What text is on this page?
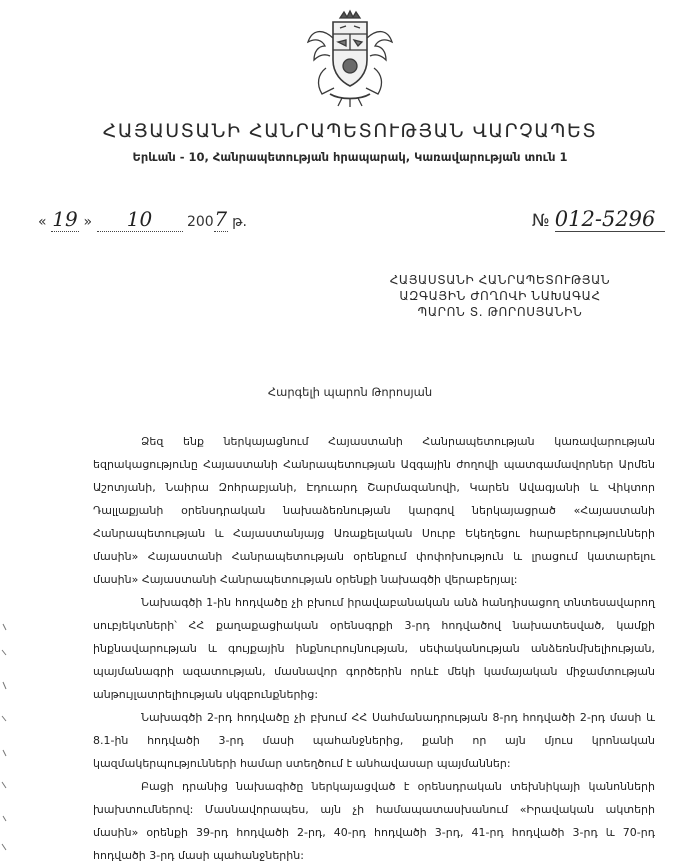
ՀԱՅԱՍՏԱՆԻ ՀԱՆՐԱՊԵՏՈՒԹՅԱՆ ՎԱՐՉԱՊԵՏ
Երևան - 10, Հանրապետության հրապարակ, Կառավարության տուն 1
« 19 » 10 2007 թ.	№ 012-5296
ՀԱՅԱՍՏԱՆԻ ՀԱՆՐԱՊԵՏՈՒԹՅԱՆ
ԱԶԳԱՅԻՆ ԺՈՂՈՎԻ ՆԱԽԱԳԱՀ
ՊԱՐՈՆ Տ. ԹՈՐՈՍՅԱՆԻՆ
Հարգելի պարոն Թորոսյան

Ձեզ ենք ներկայացնում Հայաստանի Հանրապետության կառավարության եզրակացությունը Հայաստանի Հանրապետության Ազգային ժողովի պատգամավորներ Արմեն Աշոտյանի, Նաիրա Զոհրաբյանի, Էդուարդ Շարմազանովի, Կարեն Ավագյանի և Վիկտոր Դալլաքյանի օրենսդրական նախաձեռնության կարգով ներկայացրած «Հայաստանի Հանրապետության և Հայաստանյայց Առաքելական Սուրբ Եկեղեցու հարաբերությունների մասին» Հայաստանի Հանրապետության օրենքում փոփոխություն և լրացում կատարելու մասին» Հայաստանի Հանրապետության օրենքի նախագծի վերաբերյալ:

Նախագծի 1-ին հոդվածը չի բխում իրավաբանական անձ հանդիսացող տնտեսավարող սուբյեկտների՝ ՀՀ քաղաքացիական օրենսգրքի 3-րդ հոդվածով նախատեսված, կամքի ինքնավարության և գույքային ինքնուրույնության, սեփականության անձեռնմխելիության, պայմանագրի ազատության, մասնավոր գործերին որևէ մեկի կամայական միջամտության անթույլատրելիության սկզբունքներից:

Նախագծի 2-րդ հոդվածը չի բխում ՀՀ Սահմանադրության 8-րդ հոդվածի 2-րդ մասի և 8.1-ին հոդվածի 3-րդ մասի պահանջներից, քանի որ այն մյուս կրոնական կազմակերպությունների համար ստեղծում է անհավասար պայմաններ:

Բացի դրանից նախագիծը ներկայացված է օրենսդրական տեխնիկայի կանոնների խախտումներով: Մասնավորապես, այն չի համապատասխանում «Իրավական ակտերի մասին» օրենքի 39-րդ հոդվածի 2-րդ, 40-րդ հոդվածի 3-րդ, 41-րդ հոդվածի 3-րդ և 70-րդ հոդվածի 3-րդ մասի պահանջներին:
